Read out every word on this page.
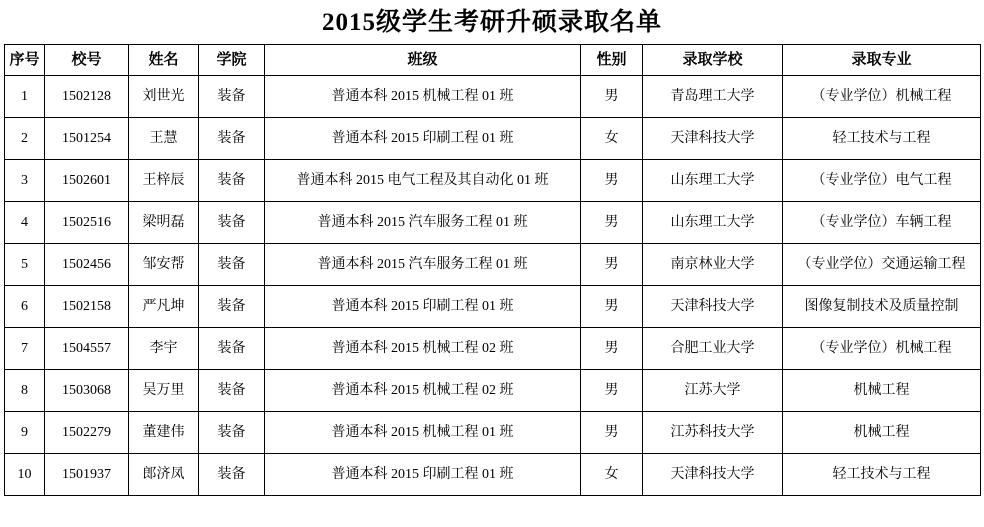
2015级学生考研升硕录取名单
序号	校号	姓名	学院	班级	性别	录取学校	录取专业
1	1502128	刘世光	装备	普通本科 2015 机械工程 01 班	男	青岛理工大学	（专业学位）机械工程
2	1501254	王慧	装备	普通本科 2015 印刷工程 01 班	女	天津科技大学	轻工技术与工程
3	1502601	王梓辰	装备	普通本科 2015 电气工程及其自动化 01 班	男	山东理工大学	（专业学位）电气工程
4	1502516	梁明磊	装备	普通本科 2015 汽车服务工程 01 班	男	山东理工大学	（专业学位）车辆工程
5	1502456	邹安帮	装备	普通本科 2015 汽车服务工程 01 班	男	南京林业大学	（专业学位）交通运输工程
6	1502158	严凡坤	装备	普通本科 2015 印刷工程 01 班	男	天津科技大学	图像复制技术及质量控制
7	1504557	李宇	装备	普通本科 2015 机械工程 02 班	男	合肥工业大学	（专业学位）机械工程
8	1503068	吴万里	装备	普通本科 2015 机械工程 02 班	男	江苏大学	机械工程
9	1502279	董建伟	装备	普通本科 2015 机械工程 01 班	男	江苏科技大学	机械工程
10	1501937	郎济凤	装备	普通本科 2015 印刷工程 01 班	女	天津科技大学	轻工技术与工程
